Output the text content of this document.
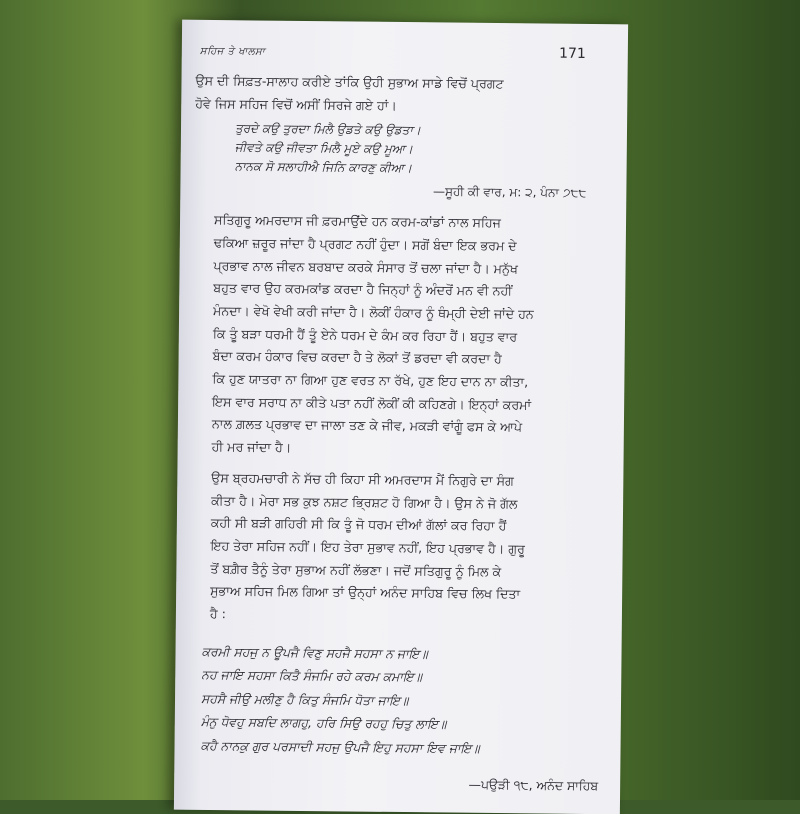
ਸਹਿਜ ਤੇ ਖਾਲਸਾ	171

ਉਸ ਦੀ ਸਿਫ਼ਤ-ਸਾਲਾਹ ਕਰੀਏ ਤਾਂਕਿ ਉਹੀ ਸੁਭਾਅ ਸਾਡੇ ਵਿਚੋਂ ਪ੍ਰਗਟ
ਹੋਵੇ ਜਿਸ ਸਹਿਜ ਵਿਚੋਂ ਅਸੀਂ ਸਿਰਜੇ ਗਏ ਹਾਂ।

ਤੁਰਦੇ ਕਉ ਤੁਰਦਾ ਮਿਲੈ ਉਡਤੇ ਕਉ ਉਡਤਾ।
ਜੀਵਤੇ ਕਉ ਜੀਵਤਾ ਮਿਲੈ ਮੂਏ ਕਉ ਮੂਆ।
ਨਾਨਕ ਸੋ ਸਲਾਹੀਐ ਜਿਨਿ ਕਾਰਣੁ ਕੀਆ।
—ਸੂਹੀ ਕੀ ਵਾਰ, ਮ: ੨, ਪੰਨਾ ੭੮੮

ਸਤਿਗੁਰੂ ਅਮਰਦਾਸ ਜੀ ਫ਼ਰਮਾਉਂਦੇ ਹਨ ਕਰਮ-ਕਾਂਡਾਂ ਨਾਲ ਸਹਿਜ
ਢਕਿਆ ਜ਼ਰੂਰ ਜਾਂਦਾ ਹੈ ਪ੍ਰਗਟ ਨਹੀਂ ਹੁੰਦਾ। ਸਗੋਂ ਬੰਦਾ ਇਕ ਭਰਮ ਦੇ
ਪ੍ਰਭਾਵ ਨਾਲ ਜੀਵਨ ਬਰਬਾਦ ਕਰਕੇ ਸੰਸਾਰ ਤੋਂ ਚਲਾ ਜਾਂਦਾ ਹੈ। ਮਨੁੱਖ
ਬਹੁਤ ਵਾਰ ਉਹ ਕਰਮਕਾਂਡ ਕਰਦਾ ਹੈ ਜਿਨ੍ਹਾਂ ਨੂੰ ਅੰਦਰੋਂ ਮਨ ਵੀ ਨਹੀਂ
ਮੰਨਦਾ। ਵੇਖੋ ਵੇਖੀ ਕਰੀ ਜਾਂਦਾ ਹੈ। ਲੋਕੀਂ ਹੰਕਾਰ ਨੂੰ ਥੰਮ੍ਹੀ ਦੇਈ ਜਾਂਦੇ ਹਨ
ਕਿ ਤੂੰ ਬੜਾ ਧਰਮੀ ਹੈਂ ਤੂੰ ਏਨੇ ਧਰਮ ਦੇ ਕੰਮ ਕਰ ਰਿਹਾ ਹੈਂ। ਬਹੁਤ ਵਾਰ
ਬੰਦਾ ਕਰਮ ਹੰਕਾਰ ਵਿਚ ਕਰਦਾ ਹੈ ਤੇ ਲੋਕਾਂ ਤੋਂ ਡਰਦਾ ਵੀ ਕਰਦਾ ਹੈ
ਕਿ ਹੁਣ ਯਾਤਰਾ ਨਾ ਗਿਆ ਹੁਣ ਵਰਤ ਨਾ ਰੱਖੇ, ਹੁਣ ਇਹ ਦਾਨ ਨਾ ਕੀਤਾ,
ਇਸ ਵਾਰ ਸਰਾਧ ਨਾ ਕੀਤੇ ਪਤਾ ਨਹੀਂ ਲੋਕੀਂ ਕੀ ਕਹਿਣਗੇ। ਇਨ੍ਹਾਂ ਕਰਮਾਂ
ਨਾਲ ਗ਼ਲਤ ਪ੍ਰਭਾਵ ਦਾ ਜਾਲਾ ਤਣ ਕੇ ਜੀਵ, ਮਕੜੀ ਵਾਂਗੂੰ ਫਸ ਕੇ ਆਪੇ
ਹੀ ਮਰ ਜਾਂਦਾ ਹੈ।

ਉਸ ਬ੍ਰਹਮਚਾਰੀ ਨੇ ਸੱਚ ਹੀ ਕਿਹਾ ਸੀ ਅਮਰਦਾਸ ਮੈਂ ਨਿਗੁਰੇ ਦਾ ਸੰਗ
ਕੀਤਾ ਹੈ। ਮੇਰਾ ਸਭ ਕੁਝ ਨਸ਼ਟ ਭ੍ਰਿਸ਼ਟ ਹੋ ਗਿਆ ਹੈ। ਉਸ ਨੇ ਜੋ ਗੱਲ
ਕਹੀ ਸੀ ਬੜੀ ਗਹਿਰੀ ਸੀ ਕਿ ਤੂੰ ਜੋ ਧਰਮ ਦੀਆਂ ਗੱਲਾਂ ਕਰ ਰਿਹਾ ਹੈਂ
ਇਹ ਤੇਰਾ ਸਹਿਜ ਨਹੀਂ। ਇਹ ਤੇਰਾ ਸੁਭਾਵ ਨਹੀਂ, ਇਹ ਪ੍ਰਭਾਵ ਹੈ। ਗੁਰੂ
ਤੋਂ ਬਗ਼ੈਰ ਤੈਨੂੰ ਤੇਰਾ ਸੁਭਾਅ ਨਹੀਂ ਲੱਭਣਾ। ਜਦੋਂ ਸਤਿਗੁਰੂ ਨੂੰ ਮਿਲ ਕੇ
ਸੁਭਾਅ ਸਹਿਜ ਮਿਲ ਗਿਆ ਤਾਂ ਉਨ੍ਹਾਂ ਅਨੰਦ ਸਾਹਿਬ ਵਿਚ ਲਿਖ ਦਿਤਾ
ਹੈ :

ਕਰਮੀ ਸਹਜੁ ਨ ਊਪਜੈ ਵਿਣੁ ਸਹਜੈ ਸਹਸਾ ਨ ਜਾਇ॥
ਨਹ ਜਾਇ ਸਹਸਾ ਕਿਤੈ ਸੰਜਮਿ ਰਹੇ ਕਰਮ ਕਮਾਇ॥
ਸਹਸੈ ਜੀਉ ਮਲੀਣੁ ਹੈ ਕਿਤੁ ਸੰਜਮਿ ਧੋਤਾ ਜਾਇ॥
ਮੰਨੁ ਧੋਵਹੁ ਸਬਦਿ ਲਾਗਹੁ, ਹਰਿ ਸਿਉ ਰਹਹੁ ਚਿਤੁ ਲਾਇ॥
ਕਹੈ ਨਾਨਕੁ ਗੁਰ ਪਰਸਾਦੀ ਸਹਜੁ ਉਪਜੈ ਇਹੁ ਸਹਸਾ ਇਵ ਜਾਇ॥
—ਪਉੜੀ ੧੮, ਅਨੰਦ ਸਾਹਿਬ
